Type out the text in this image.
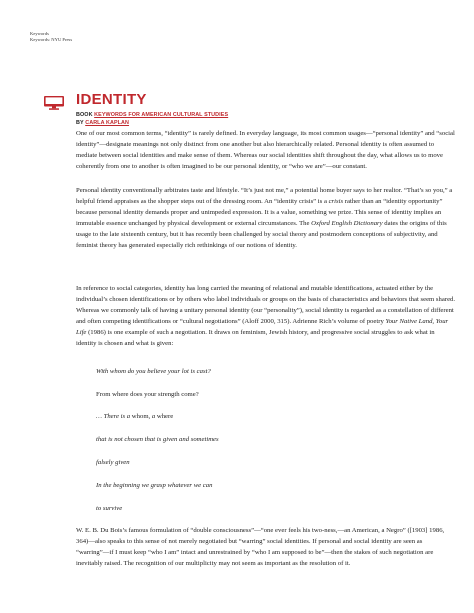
Keywords
Keywords: NYU Press
IDENTITY
BOOK KEYWORDS FOR AMERICAN CULTURAL STUDIES
BY CARLA KAPLAN

One of our most common terms, “identity” is rarely defined. In everyday language, its most common usages—“personal identity” and “social identity”—designate meanings not only distinct from one another but also hierarchically related. Personal identity is often assumed to mediate between social identities and make sense of them. Whereas our social identities shift throughout the day, what allows us to move coherently from one to another is often imagined to be our personal identity, or “who we are”—our constant.

Personal identity conventionally arbitrates taste and lifestyle. “It’s just not me,” a potential home buyer says to her realtor. “That’s so you,” a helpful friend appraises as the shopper steps out of the dressing room. An “identity crisis” is a crisis rather than an “identity opportunity” because personal identity demands proper and unimpeded expression. It is a value, something we prize. This sense of identity implies an immutable essence unchanged by physical development or external circumstances. The Oxford English Dictionary dates the origins of this usage to the late sixteenth century, but it has recently been challenged by social theory and postmodern conceptions of subjectivity, and feminist theory has generated especially rich rethinkings of our notions of identity.

In reference to social categories, identity has long carried the meaning of relational and mutable identifications, actuated either by the individual’s chosen identifications or by others who label individuals or groups on the basis of characteristics and behaviors that seem shared. Whereas we commonly talk of having a unitary personal identity (our “personality”), social identity is regarded as a constellation of different and often competing identifications or “cultural negotiations” (Aloff 2000, 315). Adrienne Rich’s volume of poetry Your Native Land, Your Life (1986) is one example of such a negotiation. It draws on feminism, Jewish history, and progressive social struggles to ask what in identity is chosen and what is given:

With whom do you believe your lot is cast?
From where does your strength come?
… There is a whom, a where
that is not chosen that is given and sometimes
falsely given
In the beginning we grasp whatever we can
to survive

W. E. B. Du Bois’s famous formulation of “double consciousness”—“one ever feels his two-ness,—an American, a Negro” ([1903] 1986, 364)—also speaks to this sense of not merely negotiated but “warring” social identities. If personal and social identity are seen as “warring”—if I must keep “who I am” intact and unrestrained by “who I am supposed to be”—then the stakes of such negotiation are inevitably raised. The recognition of our multiplicity may not seem as important as the resolution of it.
